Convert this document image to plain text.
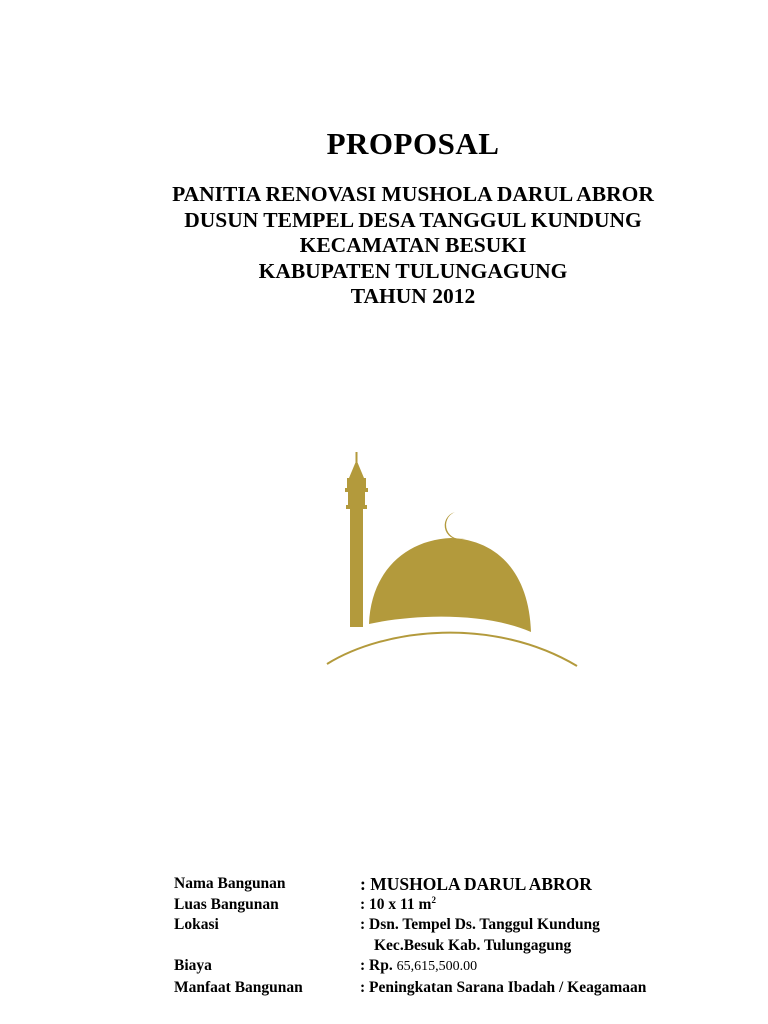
PROPOSAL
PANITIA RENOVASI MUSHOLA DARUL ABROR
DUSUN TEMPEL DESA TANGGUL KUNDUNG
KECAMATAN BESUKI
KABUPATEN TULUNGAGUNG
TAHUN 2012
Nama Bangunan	: MUSHOLA DARUL ABROR
Luas Bangunan	: 10 x 11 $m^2$
Lokasi	: Dsn. Tempel Ds. Tanggul Kundung
Kec.Besuk Kab. Tulungagung
Biaya	: Rp. 65,615,500.00
Manfaat Bangunan	: Peningkatan Sarana Ibadah / Keagamaan
